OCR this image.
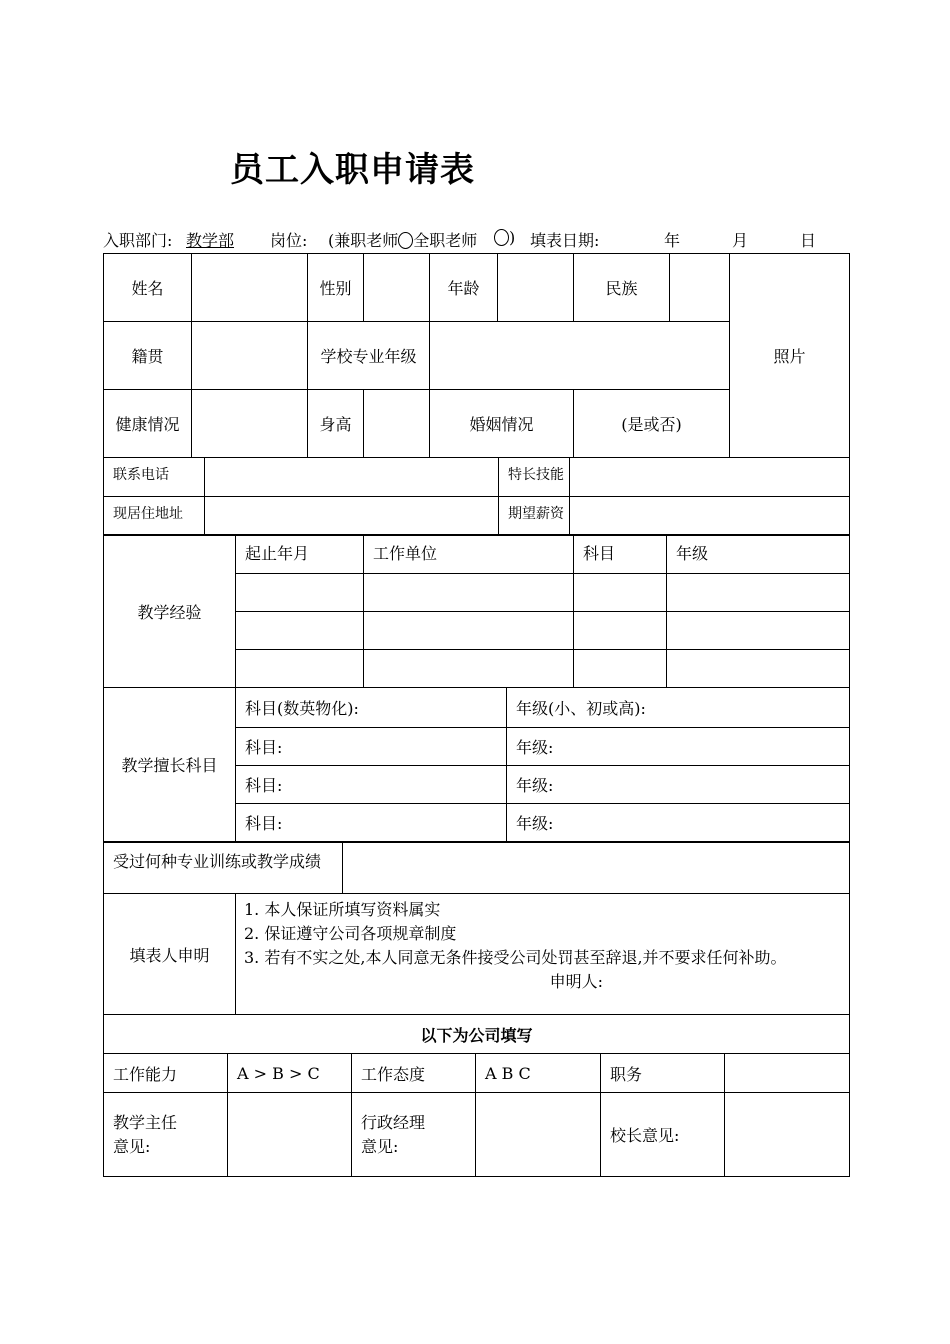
员工入职申请表
入职部门: 教学部 岗位: (兼职老师 全职老师	) 填表日期:	年	月	日
姓名		性别		年龄		民族		照片
籍贯		学校专业年级						
健康情况		身高		婚姻情况		(是或否)		
联系电话		特长技能	
现居住地址		期望薪资	
教学经验	起止年月	工作单位	科目	年级

教学擅长科目	科目(数英物化):	年级(小、初或高):
	科目:	年级:
	科目:	年级:
	科目:	年级:
受过何种专业训练或教学成绩	
填表人申明	
1. 本人保证所填写资料属实
2. 保证遵守公司各项规章制度
3. 若有不实之处,本人同意无条件接受公司处罚甚至辞退,并不要求任何补助。
申明人:
以下为公司填写					
工作能力	A > B > C	工作态度	A B C	职务	
教学主任意见:		行政经理意见:		校长意见:	
